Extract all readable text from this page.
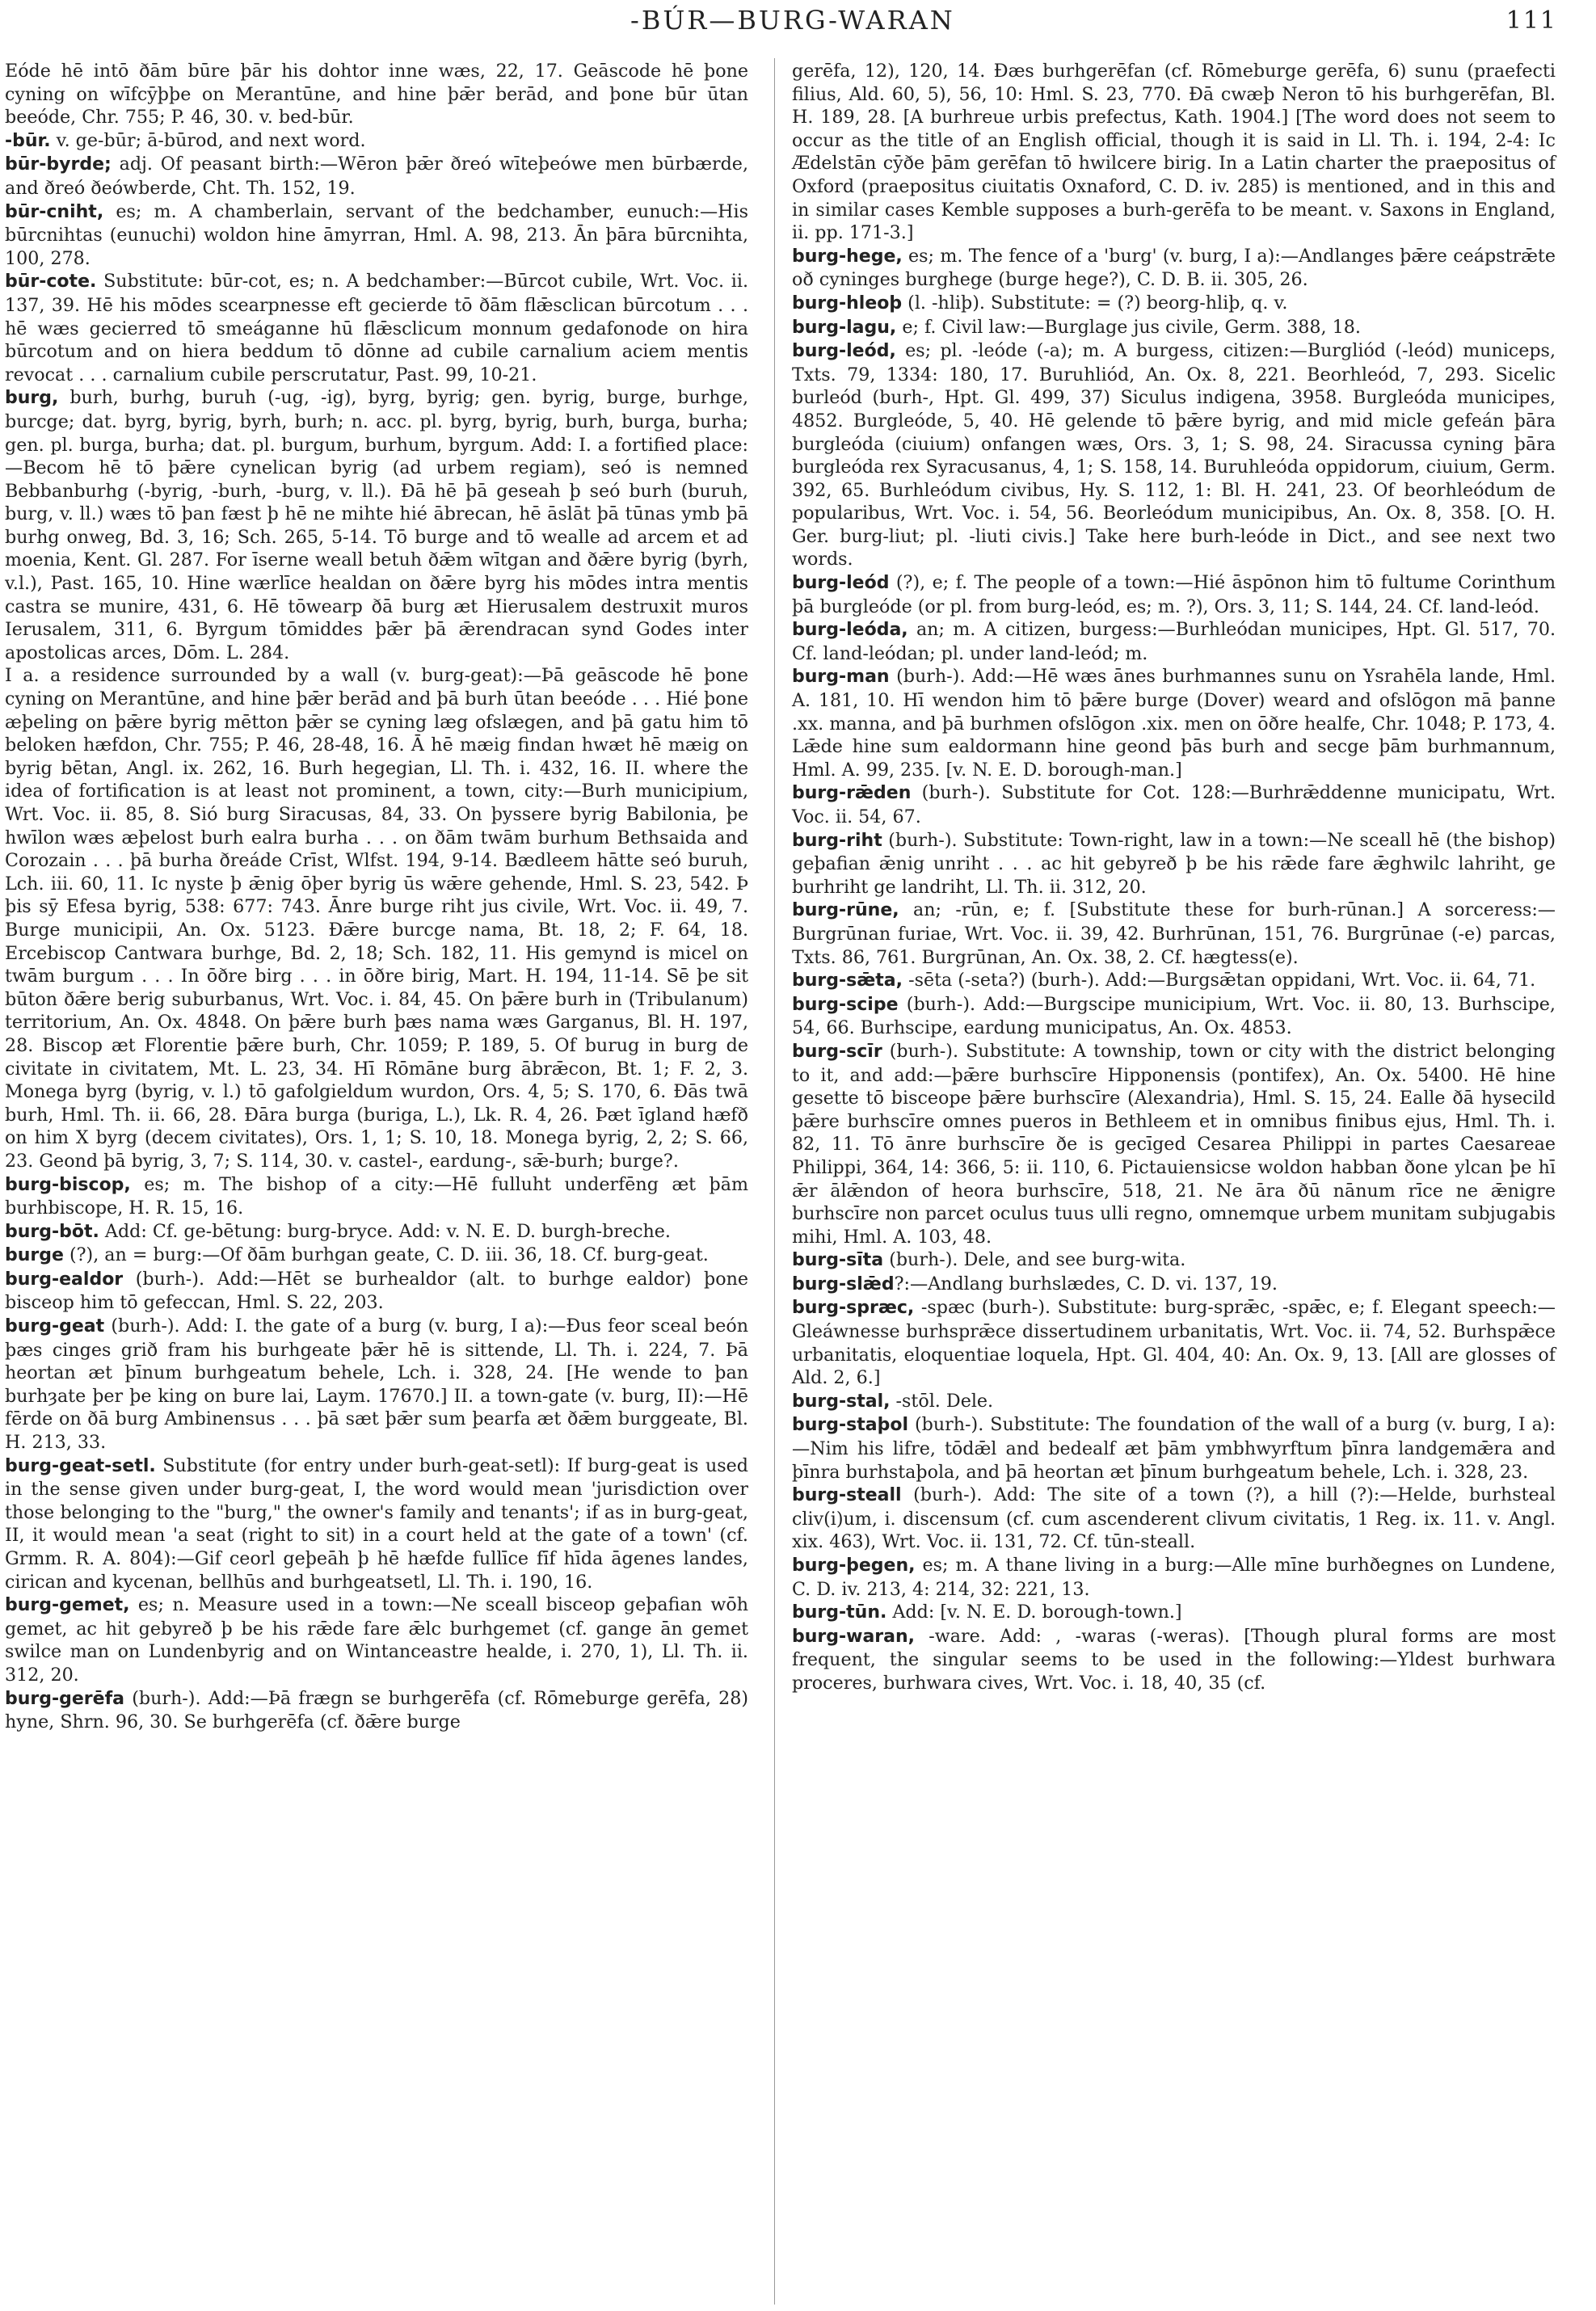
-BÚR—BURG-WARAN	111

Eóde hē intō ðām būre þār his dohtor inne wæs, 22, 17. Geāscode hē þone cyning on wīfcȳþþe on Merantūne, and hine þǣr berād, and þone būr ūtan beeóde, Chr. 755; P. 46, 30. v. bed-būr.

-būr. v. ge-būr; ā-būrod, and next word.

būr-byrde; adj. Of peasant birth:—Wēron þǣr ðreó wīteþeówe men būrbærde, and ðreó ðeówberde, Cht. Th. 152, 19.

būr-cniht, es; m. A chamberlain, servant of the bedchamber, eunuch:—His būrcnihtas (eunuchi) woldon hine āmyrran, Hml. A. 98, 213. Ān þāra būrcnihta, 100, 278.

būr-cote. Substitute: būr-cot, es; n. A bedchamber:—Būrcot cubile, Wrt. Voc. ii. 137, 39. Hē his mōdes scearpnesse eft gecierde tō ðām flǣsclican būrcotum . . . hē wæs gecierred tō smeáganne hū flǣsclicum monnum gedafonode on hira būrcotum and on hiera beddum tō dōnne ad cubile carnalium aciem mentis revocat . . . carnalium cubile perscrutatur, Past. 99, 10-21.

burg, burh, burhg, buruh (-ug, -ig), byrg, byrig; gen. byrig, burge, burhge, burcge; dat. byrg, byrig, byrh, burh; n. acc. pl. byrg, byrig, burh, burga, burha; gen. pl. burga, burha; dat. pl. burgum, burhum, byrgum. Add: I. a fortified place:—Becom hē tō þǣre cynelican byrig (ad urbem regiam), seó is nemned Bebbanburhg (-byrig, -burh, -burg, v. ll.). Ðā hē þā geseah þ seó burh (buruh, burg, v. ll.) wæs tō þan fæst þ hē ne mihte hié ābrecan, hē āslāt þā tūnas ymb þā burhg onweg, Bd. 3, 16; Sch. 265, 5-14. Tō burge and tō wealle ad arcem et ad moenia, Kent. Gl. 287. For īserne weall betuh ðǣm wītgan and ðǣre byrig (byrh, v.l.), Past. 165, 10. Hine wærlīce healdan on ðǣre byrg his mōdes intra mentis castra se munire, 431, 6. Hē tōwearp ðā burg æt Hierusalem destruxit muros Ierusalem, 311, 6. Byrgum tōmiddes þǣr þā ǣrendracan synd Godes inter apostolicas arces, Dōm. L. 284.

I a. a residence surrounded by a wall (v. burg-geat):—Þā geāscode hē þone cyning on Merantūne, and hine þǣr berād and þā burh ūtan beeóde . . . Hié þone æþeling on þǣre byrig mētton þǣr se cyning læg ofslægen, and þā gatu him tō beloken hæfdon, Chr. 755; P. 46, 28-48, 16. Ā hē mæig findan hwæt hē mæig on byrig bētan, Angl. ix. 262, 16. Burh hegegian, Ll. Th. i. 432, 16. II. where the idea of fortification is at least not prominent, a town, city:—Burh municipium, Wrt. Voc. ii. 85, 8. Sió burg Siracusas, 84, 33. On þyssere byrig Babilonia, þe hwīlon wæs æþelost burh ealra burha . . . on ðām twām burhum Bethsaida and Corozain . . . þā burha ðreáde Crīst, Wlfst. 194, 9-14. Bædleem hātte seó buruh, Lch. iii. 60, 11. Ic nyste þ ǣnig ōþer byrig ūs wǣre gehende, Hml. S. 23, 542. Þ þis sȳ Efesa byrig, 538: 677: 743. Ānre burge riht jus civile, Wrt. Voc. ii. 49, 7. Burge municipii, An. Ox. 5123. Ðǣre burcge nama, Bt. 18, 2; F. 64, 18. Ercebiscop Cantwara burhge, Bd. 2, 18; Sch. 182, 11. His gemynd is micel on twām burgum . . . In ōðre birg . . . in ōðre birig, Mart. H. 194, 11-14. Sē þe sit būton ðǣre berig suburbanus, Wrt. Voc. i. 84, 45. On þǣre burh in (Tribulanum) territorium, An. Ox. 4848. On þǣre burh þæs nama wæs Garganus, Bl. H. 197, 28. Biscop æt Florentie þǣre burh, Chr. 1059; P. 189, 5. Of burug in burg de civitate in civitatem, Mt. L. 23, 34. Hī Rōmāne burg ābrǣcon, Bt. 1; F. 2, 3. Monega byrg (byrig, v. l.) tō gafolgieldum wurdon, Ors. 4, 5; S. 170, 6. Ðās twā burh, Hml. Th. ii. 66, 28. Ðāra burga (buriga, L.), Lk. R. 4, 26. Þæt īgland hæfð on him X byrg (decem civitates), Ors. 1, 1; S. 10, 18. Monega byrig, 2, 2; S. 66, 23. Geond þā byrig, 3, 7; S. 114, 30. v. castel-, eardung-, sǣ-burh; burge?.

burg-biscop, es; m. The bishop of a city:—Hē fulluht underfēng æt þām burhbiscope, H. R. 15, 16.

burg-bōt. Add: Cf. ge-bētung: burg-bryce. Add: v. N. E. D. burgh-breche.

burge (?), an = burg:—Of ðām burhgan geate, C. D. iii. 36, 18. Cf. burg-geat.

burg-ealdor (burh-). Add:—Hēt se burhealdor (alt. to burhge ealdor) þone bisceop him tō gefeccan, Hml. S. 22, 203.

burg-geat (burh-). Add: I. the gate of a burg (v. burg, I a):—Ðus feor sceal beón þæs cinges grið fram his burhgeate þǣr hē is sittende, Ll. Th. i. 224, 7. Þā heortan æt þīnum burhgeatum behele, Lch. i. 328, 24. [He wende to þan burhȝate þer þe king on bure lai, Laym. 17670.] II. a town-gate (v. burg, II):—Hē fērde on ðā burg Ambinensus . . . þā sæt þǣr sum þearfa æt ðǣm burggeate, Bl. H. 213, 33.

burg-geat-setl. Substitute (for entry under burh-geat-setl): If burg-geat is used in the sense given under burg-geat, I, the word would mean 'jurisdiction over those belonging to the "burg," the owner's family and tenants'; if as in burg-geat, II, it would mean 'a seat (right to sit) in a court held at the gate of a town' (cf. Grmm. R. A. 804):—Gif ceorl geþeāh þ hē hæfde fullīce fīf hīda āgenes landes, cirican and kycenan, bellhūs and burhgeatsetl, Ll. Th. i. 190, 16.

burg-gemet, es; n. Measure used in a town:—Ne sceall bisceop geþafian wōh gemet, ac hit gebyreð þ be his rǣde fare ǣlc burhgemet (cf. gange ān gemet swilce man on Lundenbyrig and on Wintanceastre healde, i. 270, 1), Ll. Th. ii. 312, 20.

burg-gerēfa (burh-). Add:—Þā frægn se burhgerēfa (cf. Rōmeburge gerēfa, 28) hyne, Shrn. 96, 30. Se burhgerēfa (cf. ðǣre burge

gerēfa, 12), 120, 14. Ðæs burhgerēfan (cf. Rōmeburge gerēfa, 6) sunu (praefecti filius, Ald. 60, 5), 56, 10: Hml. S. 23, 770. Ðā cwæþ Neron tō his burhgerēfan, Bl. H. 189, 28. [A burhreue urbis prefectus, Kath. 1904.] [The word does not seem to occur as the title of an English official, though it is said in Ll. Th. i. 194, 2-4: Ic Ædelstān cȳðe þām gerēfan tō hwilcere birig. In a Latin charter the praepositus of Oxford (praepositus ciuitatis Oxnaford, C. D. iv. 285) is mentioned, and in this and in similar cases Kemble supposes a burh-gerēfa to be meant. v. Saxons in England, ii. pp. 171-3.]

burg-hege, es; m. The fence of a 'burg' (v. burg, I a):—Andlanges þǣre ceápstrǣte oð cyninges burghege (burge hege?), C. D. B. ii. 305, 26.

burg-hleoþ (l. -hliþ). Substitute: = (?) beorg-hliþ, q. v.

burg-lagu, e; f. Civil law:—Burglage jus civile, Germ. 388, 18.

burg-leód, es; pl. -leóde (-a); m. A burgess, citizen:—Burgliód (-leód) municeps, Txts. 79, 1334: 180, 17. Buruhliód, An. Ox. 8, 221. Beorhleód, 7, 293. Sicelic burleód (burh-, Hpt. Gl. 499, 37) Siculus indigena, 3958. Burgleóda municipes, 4852. Burgleóde, 5, 40. Hē gelende tō þǣre byrig, and mid micle gefeán þāra burgleóda (ciuium) onfangen wæs, Ors. 3, 1; S. 98, 24. Siracussa cyning þāra burgleóda rex Syracusanus, 4, 1; S. 158, 14. Buruhleóda oppidorum, ciuium, Germ. 392, 65. Burhleódum civibus, Hy. S. 112, 1: Bl. H. 241, 23. Of beorhleódum de popularibus, Wrt. Voc. i. 54, 56. Beorleódum municipibus, An. Ox. 8, 358. [O. H. Ger. burg-liut; pl. -liuti civis.] Take here burh-leóde in Dict., and see next two words.

burg-leód (?), e; f. The people of a town:—Hié āspōnon him tō fultume Corinthum þā burgleóde (or pl. from burg-leód, es; m. ?), Ors. 3, 11; S. 144, 24. Cf. land-leód.

burg-leóda, an; m. A citizen, burgess:—Burhleódan municipes, Hpt. Gl. 517, 70. Cf. land-leódan; pl. under land-leód; m.

burg-man (burh-). Add:—Hē wæs ānes burhmannes sunu on Ysrahēla lande, Hml. A. 181, 10. Hī wendon him tō þǣre burge (Dover) weard and ofslōgon mā þanne .xx. manna, and þā burhmen ofslōgon .xix. men on ōðre healfe, Chr. 1048; P. 173, 4. Lǣde hine sum ealdormann hine geond þās burh and secge þām burhmannum, Hml. A. 99, 235. [v. N. E. D. borough-man.]

burg-rǣden (burh-). Substitute for Cot. 128:—Burhrǣddenne municipatu, Wrt. Voc. ii. 54, 67.

burg-riht (burh-). Substitute: Town-right, law in a town:—Ne sceall hē (the bishop) geþafian ǣnig unriht . . . ac hit gebyreð þ be his rǣde fare ǣghwilc lahriht, ge burhriht ge landriht, Ll. Th. ii. 312, 20.

burg-rūne, an; -rūn, e; f. [Substitute these for burh-rūnan.] A sorceress:—Burgrūnan furiae, Wrt. Voc. ii. 39, 42. Burhrūnan, 151, 76. Burgrūnae (-e) parcas, Txts. 86, 761. Burgrūnan, An. Ox. 38, 2. Cf. hægtess(e).

burg-sǣta, -sēta (-seta?) (burh-). Add:—Burgsǣtan oppidani, Wrt. Voc. ii. 64, 71.

burg-scipe (burh-). Add:—Burgscipe municipium, Wrt. Voc. ii. 80, 13. Burhscipe, 54, 66. Burhscipe, eardung municipatus, An. Ox. 4853.

burg-scīr (burh-). Substitute: A township, town or city with the district belonging to it, and add:—þǣre burhscīre Hipponensis (pontifex), An. Ox. 5400. Hē hine gesette tō bisceope þǣre burhscīre (Alexandria), Hml. S. 15, 24. Ealle ðā hysecild þǣre burhscīre omnes pueros in Bethleem et in omnibus finibus ejus, Hml. Th. i. 82, 11. Tō ānre burhscīre ðe is gecīged Cesarea Philippi in partes Caesareae Philippi, 364, 14: 366, 5: ii. 110, 6. Pictauiensicse woldon habban ðone ylcan þe hī ǣr ālǣndon of heora burhscīre, 518, 21. Ne āra ðū nānum rīce ne ǣnigre burhscīre non parcet oculus tuus ulli regno, omnemque urbem munitam subjugabis mihi, Hml. A. 103, 48.

burg-sīta (burh-). Dele, and see burg-wita.

burg-slǣd?:—Andlang burhslædes, C. D. vi. 137, 19.

burg-spræc, -spæc (burh-). Substitute: burg-sprǣc, -spǣc, e; f. Elegant speech:—Gleáwnesse burhsprǣce dissertudinem urbanitatis, Wrt. Voc. ii. 74, 52. Burhspǣce urbanitatis, eloquentiae loquela, Hpt. Gl. 404, 40: An. Ox. 9, 13. [All are glosses of Ald. 2, 6.]

burg-stal, -stōl. Dele.

burg-staþol (burh-). Substitute: The foundation of the wall of a burg (v. burg, I a):—Nim his lifre, tōdǣl and bedealf æt þām ymbhwyrftum þīnra landgemǣra and þīnra burhstaþola, and þā heortan æt þīnum burhgeatum behele, Lch. i. 328, 23.

burg-steall (burh-). Add: The site of a town (?), a hill (?):—Helde, burhsteal cliv(i)um, i. discensum (cf. cum ascenderent clivum civitatis, 1 Reg. ix. 11. v. Angl. xix. 463), Wrt. Voc. ii. 131, 72. Cf. tūn-steall.

burg-þegen, es; m. A thane living in a burg:—Alle mīne burhðegnes on Lundene, C. D. iv. 213, 4: 214, 32: 221, 13.

burg-tūn. Add: [v. N. E. D. borough-town.]

burg-waran, -ware. Add: , -waras (-weras). [Though plural forms are most frequent, the singular seems to be used in the following:—Yldest burhwara proceres, burhwara cives, Wrt. Voc. i. 18, 40, 35 (cf.
